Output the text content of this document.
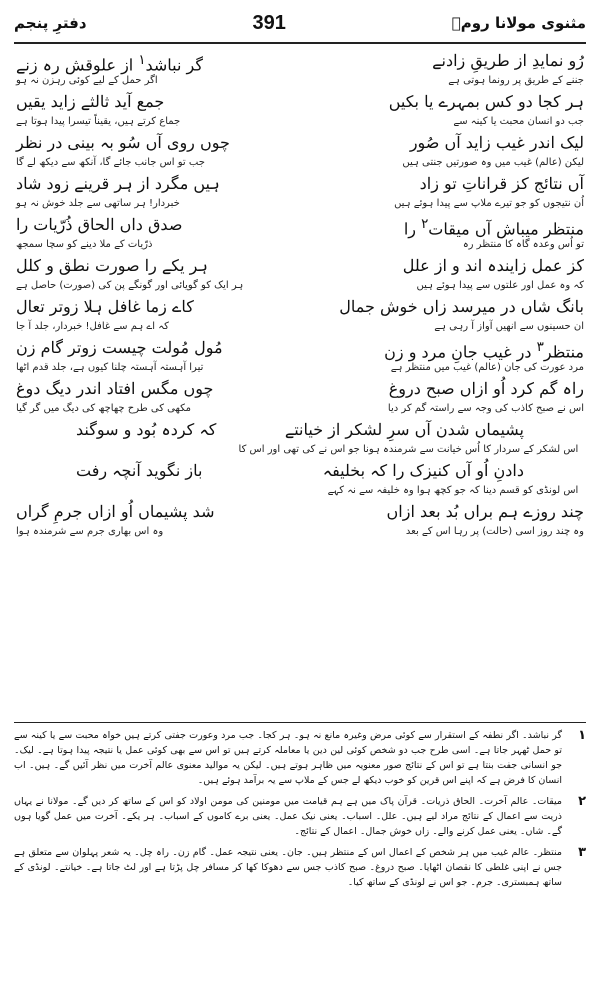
مثنوی مولانا رومؒ
391
دفترِ پنجم
رُو نمایدِ از طریقِ زادنے
گر نباشد$^۱$ از علوقش رہ زنے
جننے کے طریق پر رونما ہوتی ہے
اگر حمل کے لیے کوئی رہزن نہ ہو
ہر کجا دو کس بمہرے یا بکیں
جمع آید ثالثے زاید یقیں
جب دو انسان محبت یا کینہ سے
جماع کرتے ہیں، یقیناً تیسرا پیدا ہوتا ہے
لیک اندر غیب زاید آں صُور
چوں روی آں سُو بہ بینی در نظر
لیکن (عالم) غیب میں وہ صورتیں جنتی ہیں
جب تو اس جانب جائے گا، آنکھ سے دیکھ لے گا
آں نتائج کز قراناتِ تو زاد
ہیں مگرد از ہر قرینے زود شاد
اُن نتیجوں کو جو تیرے ملاپ سے پیدا ہوئے ہیں
خبردار! ہر ساتھی سے جلد خوش نہ ہو
منتظر میباش آں میقات$^۲$ را
صدق داں الحاق ذُرّیات را
تو اُس وعدہ گاہ کا منتظر رہ
ذرّیات کے ملا دینے کو سچا سمجھ
کز عمل زایندہ اند و از علل
ہر یکے را صورت نطق و کلل
کہ وہ عمل اور علتوں سے پیدا ہوئے ہیں
ہر ایک کو گویائی اور گونگے پن کی (صورت) حاصل ہے
بانگ شاں در میرسد زاں خوش جمال
کاے زما غافل ہلا زوتر تعال
ان حسینوں سے انھیں آواز آ رہی ہے
کہ اے ہم سے غافل! خبردار، جلد آ جا
منتظر$^۳$ در غیب جانِ مرد و زن
مُول مُولت چیست زوتر گام زن
مرد عورت کی جان (عالم) غیب میں منتظر ہے
تیرا آہستہ آہستہ چلنا کیوں ہے، جلد قدم اٹھا
راہ گم کرد اُو ازاں صبح دروغ
چوں مگس افتاد اندر دیگ دوغ
اس نے صبح کاذب کی وجہ سے راستہ گم کر دیا
مکھی کی طرح چھاچھ کی دیگ میں گر گیا
پشیماں شدن آں سرِ لشکر از خیانتے
کہ کردہ بُود و سوگند
اس لشکر کے سردار کا اُس خیانت سے شرمندہ ہونا جو اس نے کی تھی اور اس کا
دادنِ اُو آں کنیزک را کہ بخلیفہ
باز نگوید آنچہ رفت
اس لونڈی کو قسم دینا کہ جو کچھ ہوا وہ خلیفہ سے نہ کہے
چند روزے ہم براں بُد بعد ازاں
شد پشیماں اُو ازاں جرمِ گراں
وہ چند روز اسی (حالت) پر رہا اس کے بعد
وہ اس بھاری جرم سے شرمندہ ہوا
۱
گر نباشد۔ اگر نطفہ کے استقرار سے کوئی مرض وغیرہ مانع نہ ہو۔ ہر کجا۔ جب مرد وعورت جفتی کرتے ہیں خواہ محبت سے یا کینہ سے تو حمل ٹھہر جاتا ہے۔ اسی طرح جب دو شخص کوئی لین دین یا معاملہ کرتے ہیں تو اس سے بھی کوئی عمل یا نتیجہ پیدا ہوتا ہے۔ لیک۔ جو انسانی جفت بنتا ہے تو اس کے نتائج صور معنویہ میں ظاہر ہوتے ہیں۔ لیکن یہ موالید معنوی عالم آخرت میں نظر آئیں گے۔ ہیں۔ اب انسان کا فرض ہے کہ اپنے اس قرین کو خوب دیکھ لے جس کے ملاپ سے یہ برآمد ہوئے ہیں۔
۲
میقات۔ عالم آخرت۔ الحاق ذریات۔ قرآن پاک میں ہے ہم قیامت میں مومنین کی مومن اولاد کو اس کے ساتھ کر دیں گے۔ مولانا نے یہاں ذریت سے اعمال کے نتائج مراد لیے ہیں۔ علل۔ اسباب۔ یعنی نیک عمل۔ یعنی برے کاموں کے اسباب۔ ہر یکے۔ آخرت میں عمل گویا ہوں گے۔ شاں۔ یعنی عمل کرنے والے۔ زاں خوش جمال۔ اعمال کے نتائج۔
۳
منتظر۔ عالم غیب میں ہر شخص کے اعمال اس کے منتظر ہیں۔ جان۔ یعنی نتیجہ عمل۔ گام زن۔ راہ چل۔ یہ شعر پہلوان سے متعلق ہے جس نے اپنی غلطی کا نقصان اٹھایا۔ صبح دروغ۔ صبح کاذب جس سے دھوکا کھا کر مسافر چل پڑتا ہے اور لٹ جاتا ہے۔ خیانتے۔ لونڈی کے ساتھ ہمبستری۔ جرم۔ جو اس نے لونڈی کے ساتھ کیا۔
